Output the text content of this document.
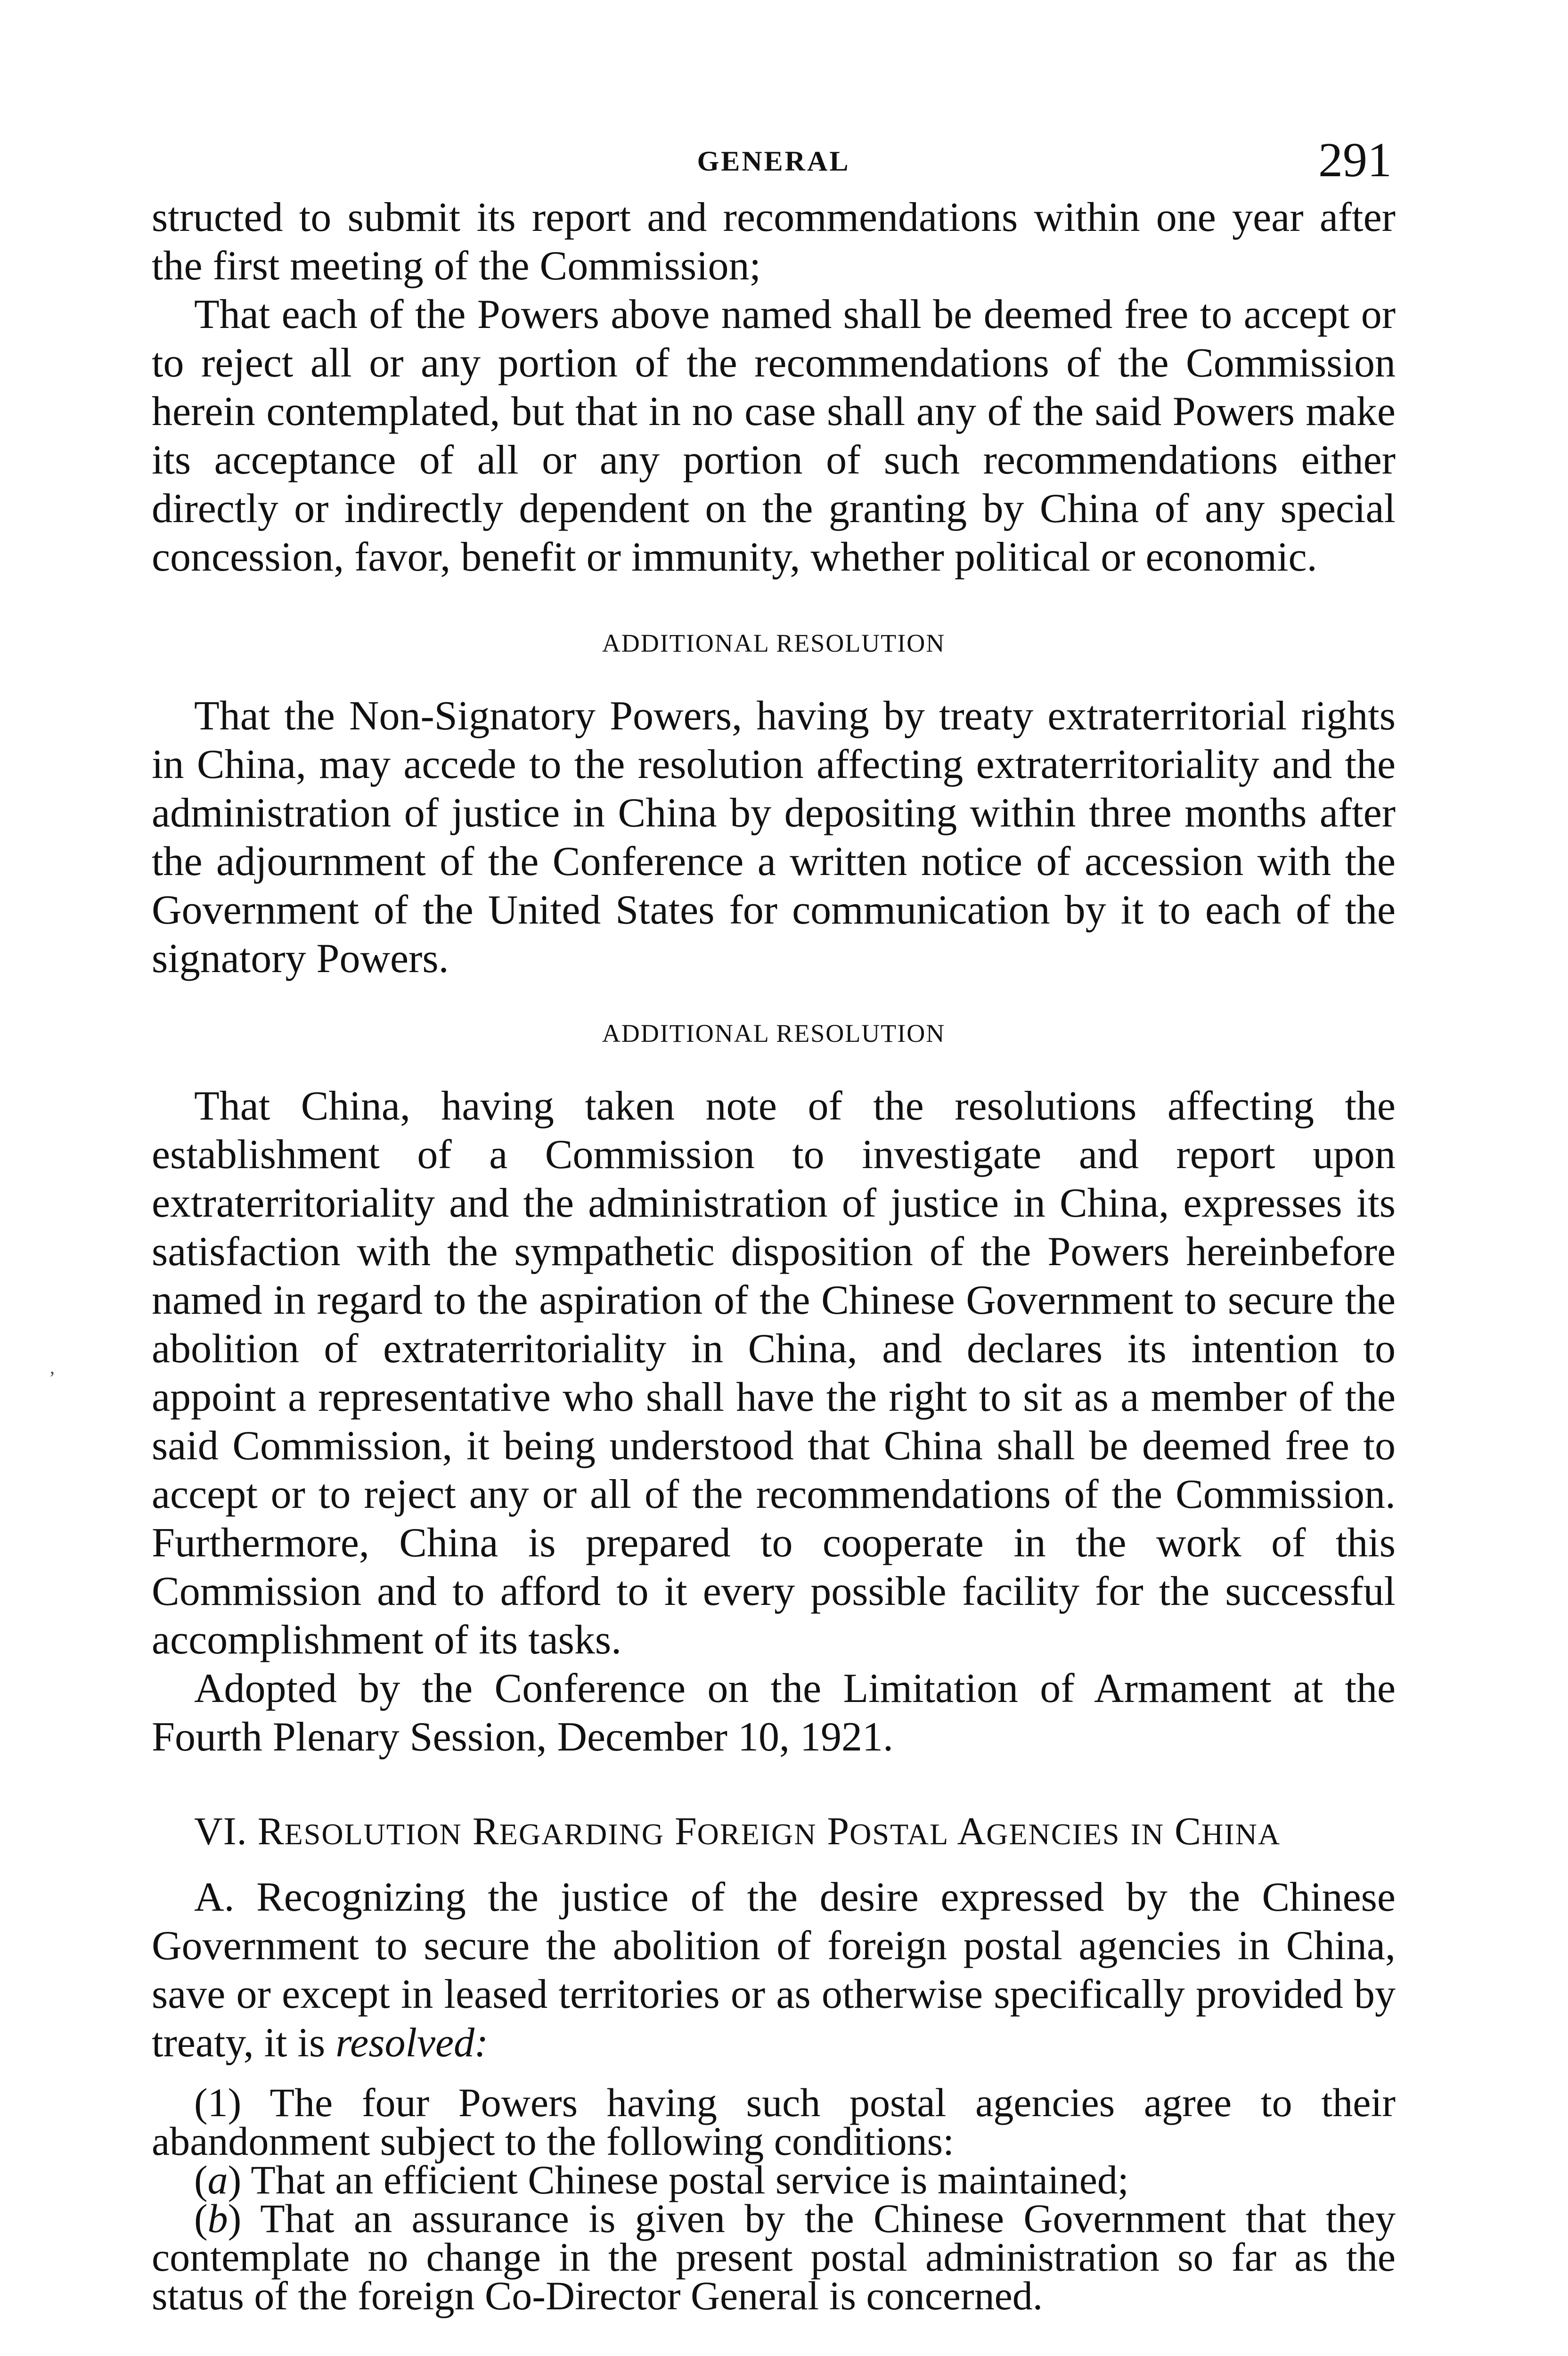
GENERAL	291

structed to submit its report and recommendations within one year after the first meeting of the Commission;

That each of the Powers above named shall be deemed free to accept or to reject all or any portion of the recommendations of the Commission herein contemplated, but that in no case shall any of the said Powers make its acceptance of all or any portion of such recommendations either directly or indirectly dependent on the granting by China of any special concession, favor, benefit or immunity, whether political or economic.

ADDITIONAL RESOLUTION

That the Non-Signatory Powers, having by treaty extraterritorial rights in China, may accede to the resolution affecting extraterritoriality and the administration of justice in China by depositing within three months after the adjournment of the Conference a written notice of accession with the Government of the United States for communication by it to each of the signatory Powers.

ADDITIONAL RESOLUTION

That China, having taken note of the resolutions affecting the establishment of a Commission to investigate and report upon extraterritoriality and the administration of justice in China, expresses its satisfaction with the sympathetic disposition of the Powers hereinbefore named in regard to the aspiration of the Chinese Government to secure the abolition of extraterritoriality in China, and declares its intention to appoint a representative who shall have the right to sit as a member of the said Commission, it being understood that China shall be deemed free to accept or to reject any or all of the recommendations of the Commission. Furthermore, China is prepared to cooperate in the work of this Commission and to afford to it every possible facility for the successful accomplishment of its tasks.

Adopted by the Conference on the Limitation of Armament at the Fourth Plenary Session, December 10, 1921.

VI. RESOLUTION REGARDING FOREIGN POSTAL AGENCIES IN CHINA

A. Recognizing the justice of the desire expressed by the Chinese Government to secure the abolition of foreign postal agencies in China, save or except in leased territories or as otherwise specifically provided by treaty, it is resolved:

(1) The four Powers having such postal agencies agree to their abandonment subject to the following conditions:

(a) That an efficient Chinese postal service is maintained;

(b) That an assurance is given by the Chinese Government that they contemplate no change in the present postal administration so far as the status of the foreign Co-Director General is concerned.

‚
